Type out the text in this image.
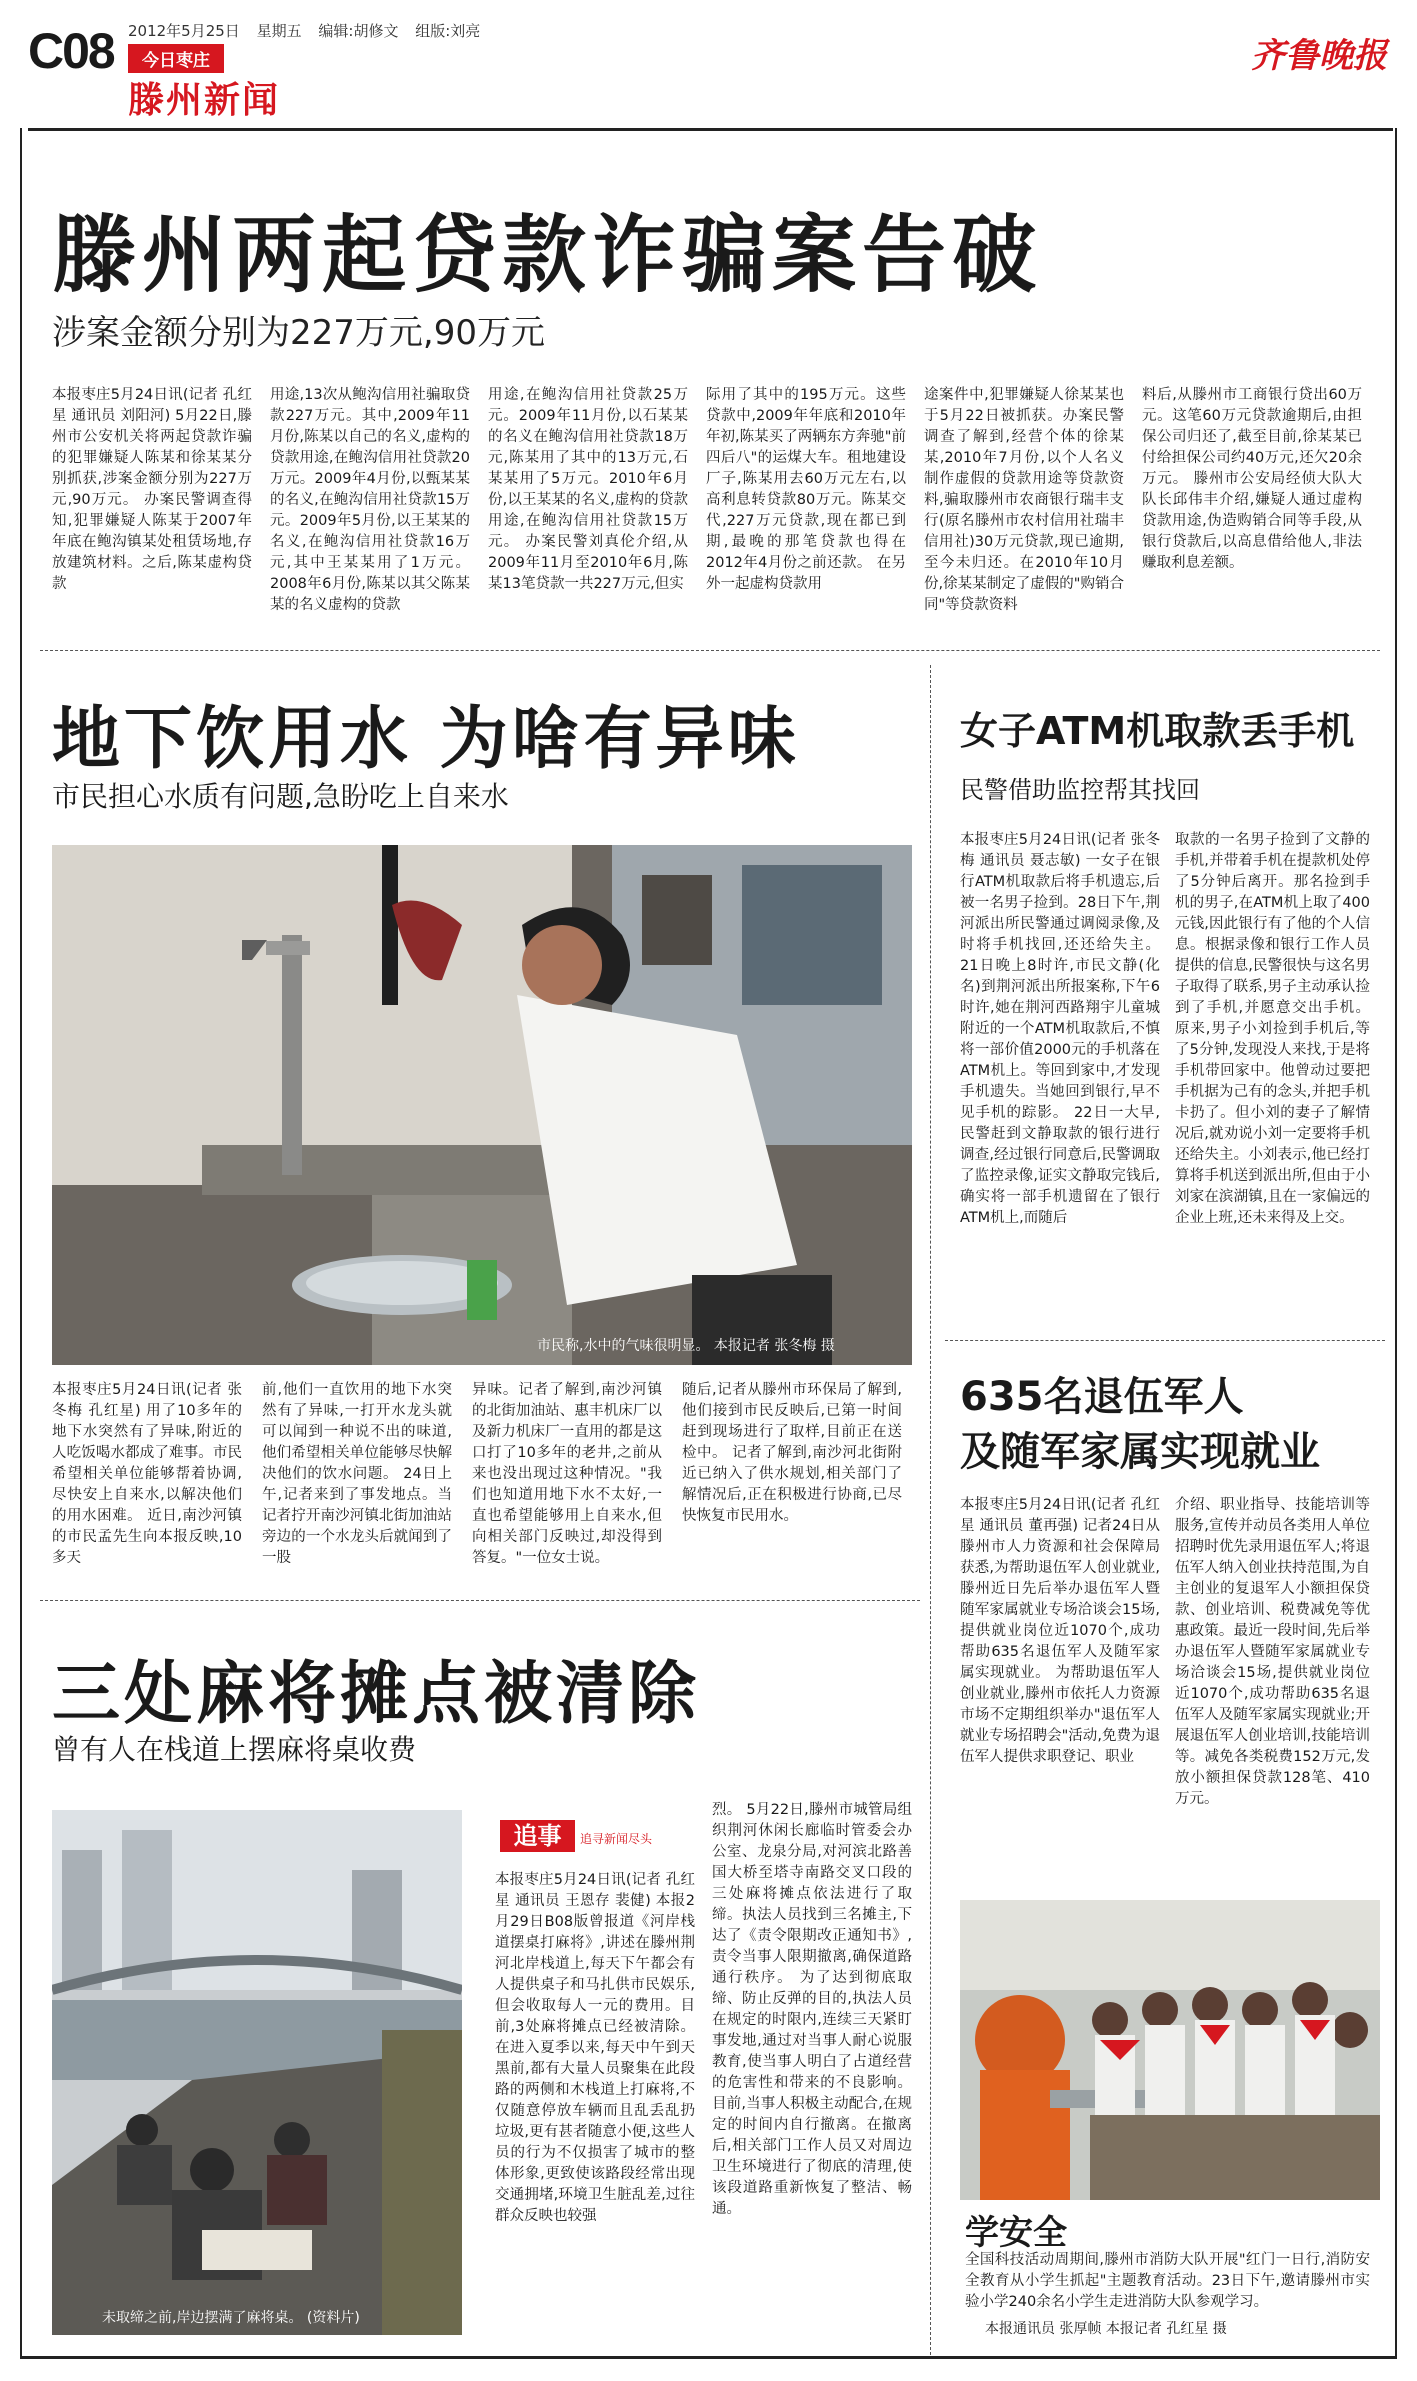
C08 2012年5月25日 星期五 编辑:胡修文 组版:刘亮
今日枣庄
滕州新闻
齐鲁晚报
滕州两起贷款诈骗案告破
涉案金额分别为227万元,90万元
本报枣庄5月24日讯(记者 孔红星 通讯员 刘阳河) 5月22日,滕州市公安机关将两起贷款诈骗的犯罪嫌疑人陈某和徐某某分别抓获,涉案金额分别为227万元,90万元。 办案民警调查得知,犯罪嫌疑人陈某于2007年年底在鲍沟镇某处租赁场地,存放建筑材料。之后,陈某虚构贷款
用途,13次从鲍沟信用社骗取贷款227万元。其中,2009年11月份,陈某以自己的名义,虚构的贷款用途,在鲍沟信用社贷款20万元。2009年4月份,以甄某某的名义,在鲍沟信用社贷款15万元。2009年5月份,以王某某的名义,在鲍沟信用社贷款16万元,其中王某某用了1万元。2008年6月份,陈某以其父陈某某的名义虚构的贷款
用途,在鲍沟信用社贷款25万元。2009年11月份,以石某某的名义在鲍沟信用社贷款18万元,陈某用了其中的13万元,石某某用了5万元。2010年6月份,以王某某的名义,虚构的贷款用途,在鲍沟信用社贷款15万元。 办案民警刘真伦介绍,从2009年11月至2010年6月,陈某13笔贷款一共227万元,但实
际用了其中的195万元。这些贷款中,2009年年底和2010年年初,陈某买了两辆东方奔驰"前四后八"的运煤大车。租地建设厂子,陈某用去60万元左右,以高利息转贷款80万元。陈某交代,227万元贷款,现在都已到期,最晚的那笔贷款也得在2012年4月份之前还款。 在另外一起虚构贷款用
途案件中,犯罪嫌疑人徐某某也于5月22日被抓获。办案民警调查了解到,经营个体的徐某某,2010年7月份,以个人名义制作虚假的贷款用途等贷款资料,骗取滕州市农商银行瑞丰支行(原名滕州市农村信用社瑞丰信用社)30万元贷款,现已逾期,至今未归还。在2010年10月份,徐某某制定了虚假的"购销合同"等贷款资料
料后,从滕州市工商银行贷出60万元。这笔60万元贷款逾期后,由担保公司归还了,截至目前,徐某某已付给担保公司约40万元,还欠20余万元。 滕州市公安局经侦大队大队长邱伟丰介绍,嫌疑人通过虚构贷款用途,伪造购销合同等手段,从银行贷款后,以高息借给他人,非法赚取利息差额。
地下饮用水 为啥有异味
市民担心水质有问题,急盼吃上自来水
市民称,水中的气味很明显。 本报记者 张冬梅 摄
本报枣庄5月24日讯(记者 张冬梅 孔红星) 用了10多年的地下水突然有了异味,附近的人吃饭喝水都成了难事。市民希望相关单位能够帮着协调,尽快安上自来水,以解决他们的用水困难。 近日,南沙河镇的市民孟先生向本报反映,10多天
前,他们一直饮用的地下水突然有了异味,一打开水龙头就可以闻到一种说不出的味道,他们希望相关单位能够尽快解决他们的饮水问题。 24日上午,记者来到了事发地点。当记者拧开南沙河镇北街加油站旁边的一个水龙头后就闻到了一股
异味。记者了解到,南沙河镇的北街加油站、惠丰机床厂以及新力机床厂一直用的都是这口打了10多年的老井,之前从来也没出现过这种情况。"我们也知道用地下水不太好,一直也希望能够用上自来水,但向相关部门反映过,却没得到答复。"一位女士说。
随后,记者从滕州市环保局了解到,他们接到市民反映后,已第一时间赶到现场进行了取样,目前正在送检中。 记者了解到,南沙河北街附近已纳入了供水规划,相关部门了解情况后,正在积极进行协商,已尽快恢复市民用水。
女子ATM机取款丢手机
民警借助监控帮其找回
本报枣庄5月24日讯(记者 张冬梅 通讯员 聂志敏) 一女子在银行ATM机取款后将手机遗忘,后被一名男子捡到。28日下午,荆河派出所民警通过调阅录像,及时将手机找回,还还给失主。 21日晚上8时许,市民文静(化名)到荆河派出所报案称,下午6时许,她在荆河西路翔宇儿童城附近的一个ATM机取款后,不慎将一部价值2000元的手机落在ATM机上。等回到家中,才发现手机遗失。当她回到银行,早不见手机的踪影。 22日一大早,民警赶到文静取款的银行进行调查,经过银行同意后,民警调取了监控录像,证实文静取完钱后,确实将一部手机遗留在了银行ATM机上,而随后
取款的一名男子捡到了文静的手机,并带着手机在提款机处停了5分钟后离开。那名捡到手机的男子,在ATM机上取了400元钱,因此银行有了他的个人信息。根据录像和银行工作人员提供的信息,民警很快与这名男子取得了联系,男子主动承认捡到了手机,并愿意交出手机。 原来,男子小刘捡到手机后,等了5分钟,发现没人来找,于是将手机带回家中。他曾动过要把手机据为己有的念头,并把手机卡扔了。但小刘的妻子了解情况后,就劝说小刘一定要将手机还给失主。小刘表示,他已经打算将手机送到派出所,但由于小刘家在滨湖镇,且在一家偏远的企业上班,还未来得及上交。
635名退伍军人
及随军家属实现就业
本报枣庄5月24日讯(记者 孔红星 通讯员 董再强) 记者24日从滕州市人力资源和社会保障局获悉,为帮助退伍军人创业就业,滕州近日先后举办退伍军人暨随军家属就业专场洽谈会15场,提供就业岗位近1070个,成功帮助635名退伍军人及随军家属实现就业。 为帮助退伍军人创业就业,滕州市依托人力资源市场不定期组织举办"退伍军人就业专场招聘会"活动,免费为退伍军人提供求职登记、职业
介绍、职业指导、技能培训等服务,宣传并动员各类用人单位招聘时优先录用退伍军人;将退伍军人纳入创业扶持范围,为自主创业的复退军人小额担保贷款、创业培训、税费减免等优惠政策。最近一段时间,先后举办退伍军人暨随军家属就业专场洽谈会15场,提供就业岗位近1070个,成功帮助635名退伍军人及随军家属实现就业;开展退伍军人创业培训,技能培训等。减免各类税费152万元,发放小额担保贷款128笔、410万元。
三处麻将摊点被清除
曾有人在栈道上摆麻将桌收费
未取缔之前,岸边摆满了麻将桌。 (资料片)
追事	追寻新闻尽头
本报枣庄5月24日讯(记者 孔红星 通讯员 王恩存 裴健) 本报2月29日B08版曾报道《河岸栈道摆桌打麻将》,讲述在滕州荆河北岸栈道上,每天下午都会有人提供桌子和马扎供市民娱乐,但会收取每人一元的费用。目前,3处麻将摊点已经被清除。 在进入夏季以来,每天中午到天黑前,都有大量人员聚集在此段路的两侧和木栈道上打麻将,不仅随意停放车辆而且乱丢乱扔垃圾,更有甚者随意小便,这些人员的行为不仅损害了城市的整体形象,更致使该路段经常出现交通拥堵,环境卫生脏乱差,过往群众反映也较强
烈。 5月22日,滕州市城管局组织荆河休闲长廊临时管委会办公室、龙泉分局,对河滨北路善国大桥至塔寺南路交叉口段的三处麻将摊点依法进行了取缔。执法人员找到三名摊主,下达了《责令限期改正通知书》,责令当事人限期撤离,确保道路通行秩序。 为了达到彻底取缔、防止反弹的目的,执法人员在规定的时限内,连续三天紧盯事发地,通过对当事人耐心说服教育,使当事人明白了占道经营的危害性和带来的不良影响。目前,当事人积极主动配合,在规定的时间内自行撤离。在撤离后,相关部门工作人员又对周边卫生环境进行了彻底的清理,使该段道路重新恢复了整洁、畅通。
学安全
全国科技活动周期间,滕州市消防大队开展"红门一日行,消防安全教育从小学生抓起"主题教育活动。23日下午,邀请滕州市实验小学240余名小学生走进消防大队参观学习。
本报通讯员 张厚帧 本报记者 孔红星 摄
